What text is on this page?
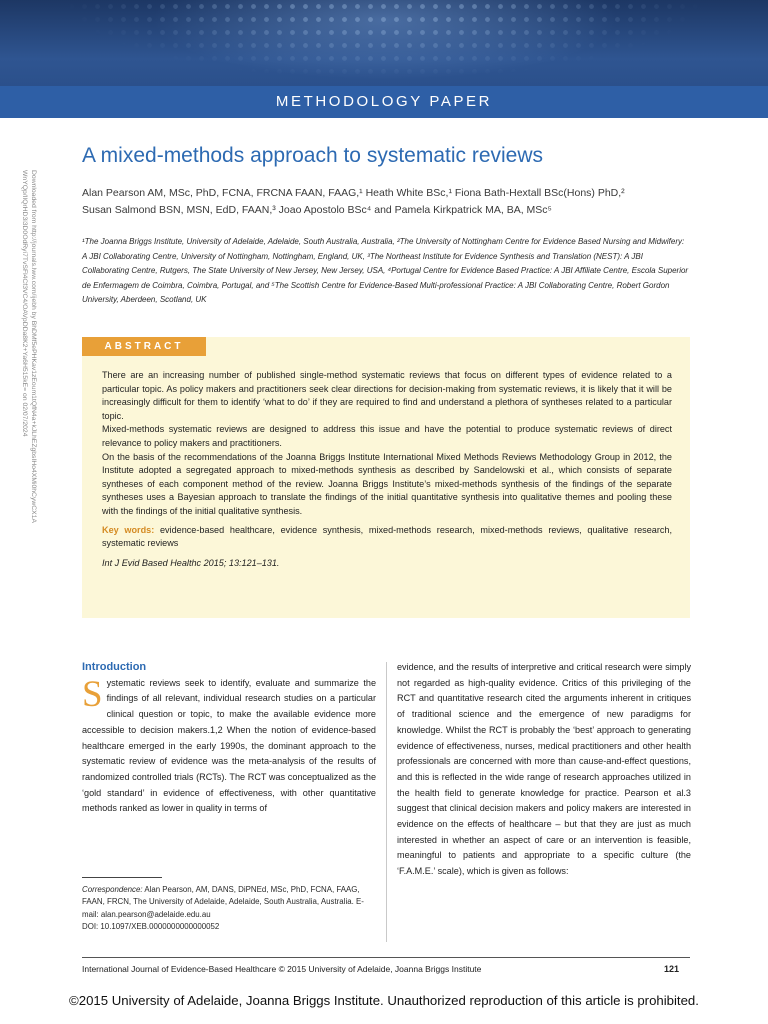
METHODOLOGY PAPER
Downloaded from http://journals.lww.com/ijebh by BhDMf5ePHKav1zEoum1tQfN4a+kJLhEZgbsIHo4XMi0hCywCX1A
WnYQp/IlQrHD3i3D0OdRyi7TvSFl4Cf3VC4/OAVpDDa8K2+Ya6H515kE= on 02/07/2024
A mixed-methods approach to systematic reviews
Alan Pearson AM, MSc, PhD, FCNA, FRCNA FAAN, FAAG,¹ Heath White BSc,¹ Fiona Bath-Hextall BSc(Hons) PhD,²
Susan Salmond BSN, MSN, EdD, FAAN,³ Joao Apostolo BSc⁴ and Pamela Kirkpatrick MA, BA, MSc⁵
¹The Joanna Briggs Institute, University of Adelaide, Adelaide, South Australia, Australia, ²The University of Nottingham Centre for Evidence Based Nursing and Midwifery: A JBI Collaborating Centre, University of Nottingham, Nottingham, England, UK, ³The Northeast Institute for Evidence Synthesis and Translation (NEST): A JBI Collaborating Centre, Rutgers, The State University of New Jersey, New Jersey, USA, ⁴Portugal Centre for Evidence Based Practice: A JBI Affiliate Centre, Escola Superior de Enfermagem de Coimbra, Coimbra, Portugal, and ⁵The Scottish Centre for Evidence-Based Multi-professional Practice: A JBI Collaborating Centre, Robert Gordon University, Aberdeen, Scotland, UK
ABSTRACT

There are an increasing number of published single-method systematic reviews that focus on different types of evidence related to a particular topic. As policy makers and practitioners seek clear directions for decision-making from systematic reviews, it is likely that it will be increasingly difficult for them to identify ‘what to do’ if they are required to find and understand a plethora of syntheses related to a particular topic.

Mixed-methods systematic reviews are designed to address this issue and have the potential to produce systematic reviews of direct relevance to policy makers and practitioners.

On the basis of the recommendations of the Joanna Briggs Institute International Mixed Methods Reviews Methodology Group in 2012, the Institute adopted a segregated approach to mixed-methods synthesis as described by Sandelowski et al., which consists of separate syntheses of each component method of the review. Joanna Briggs Institute’s mixed-methods synthesis of the findings of the separate syntheses uses a Bayesian approach to translate the findings of the initial quantitative synthesis into qualitative themes and pooling these with the findings of the initial qualitative synthesis.

Key words: evidence-based healthcare, evidence synthesis, mixed-methods research, mixed-methods reviews, qualitative research, systematic reviews

Int J Evid Based Healthc 2015; 13:121–131.

Introduction
S ystematic reviews seek to identify, evaluate and summarize the findings of all relevant, individual research studies on a particular clinical question or topic, to make the available evidence more accessible to decision makers.1,2 When the notion of evidence-based healthcare emerged in the early 1990s, the dominant approach to the systematic review of evidence was the meta-analysis of the results of randomized controlled trials (RCTs). The RCT was conceptualized as the ‘gold standard’ in evidence of effectiveness, with other quantitative methods ranked as lower in quality in terms of
evidence, and the results of interpretive and critical research were simply not regarded as high-quality evidence. Critics of this privileging of the RCT and quantitative research cited the arguments inherent in critiques of traditional science and the emergence of new paradigms for knowledge. Whilst the RCT is probably the ‘best’ approach to generating evidence of effectiveness, nurses, medical practitioners and other health professionals are concerned with more than cause-and-effect questions, and this is reflected in the wide range of research approaches utilized in the health field to generate knowledge for practice. Pearson et al.3 suggest that clinical decision makers and policy makers are interested in evidence on the effects of healthcare – but that they are just as much interested in whether an aspect of care or an intervention is feasible, meaningful to patients and appropriate to a specific culture (the ‘F.A.M.E.’ scale), which is given as follows:
Correspondence: Alan Pearson, AM, DANS, DiPNEd, MSc, PhD, FCNA, FAAG, FAAN, FRCN, The University of Adelaide, Adelaide, South Australia, Australia. E-mail: alan.pearson@adelaide.edu.au
DOI: 10.1097/XEB.0000000000000052
International Journal of Evidence-Based Healthcare © 2015 University of Adelaide, Joanna Briggs Institute	121
©2015 University of Adelaide, Joanna Briggs Institute. Unauthorized reproduction of this article is prohibited.
